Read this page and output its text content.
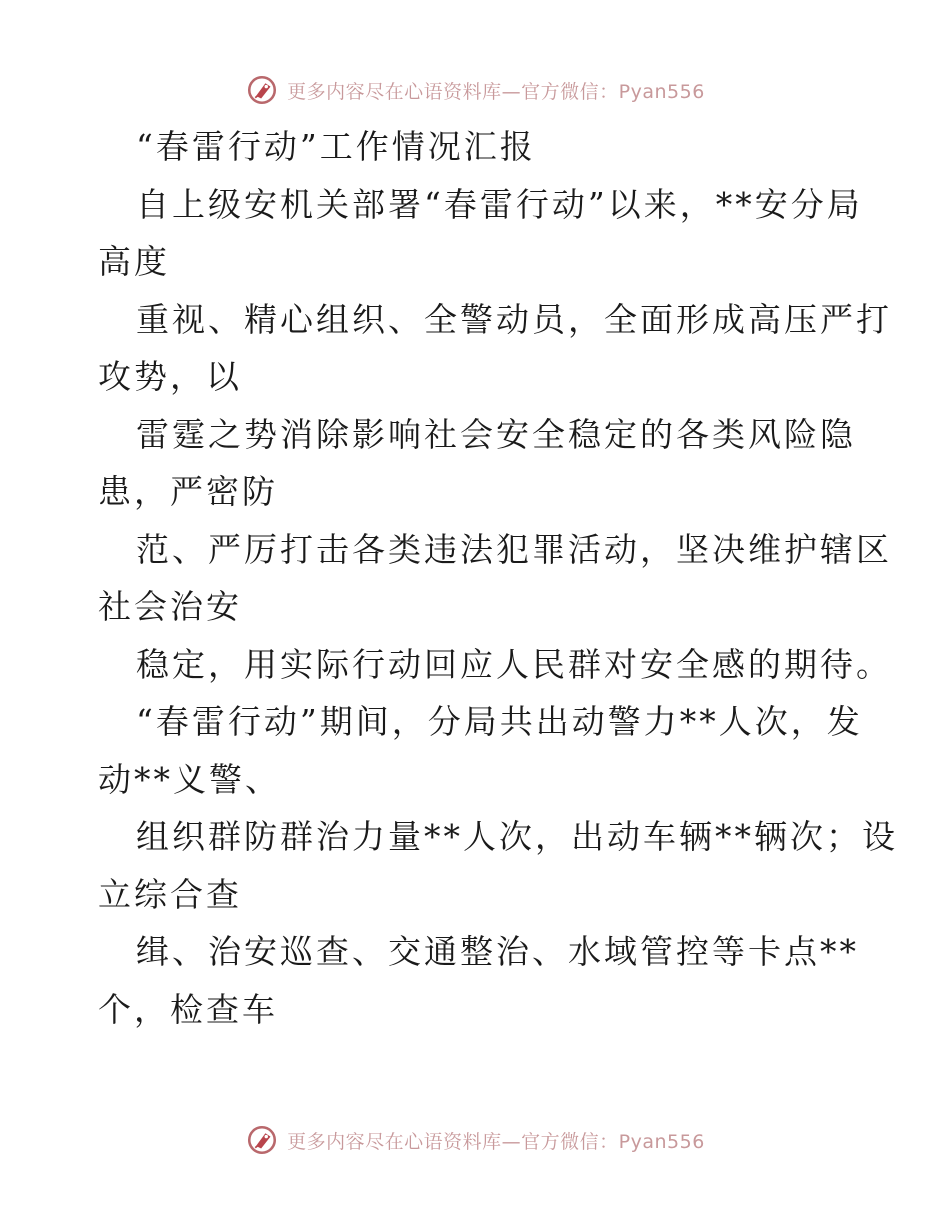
更多内容尽在心语资料库—官方微信：Pyan556
“春雷行动”工作情况汇报
自上级安机关部署“春雷行动”以来，**安分局
高度
重视、精心组织、全警动员，全面形成高压严打
攻势，以
雷霆之势消除影响社会安全稳定的各类风险隐
患，严密防
范、严厉打击各类违法犯罪活动，坚决维护辖区
社会治安
稳定，用实际行动回应人民群对安全感的期待。
“春雷行动”期间，分局共出动警力**人次，发
动**义警、
组织群防群治力量**人次，出动车辆**辆次；设
立综合查
缉、治安巡查、交通整治、水域管控等卡点**
个，检查车
更多内容尽在心语资料库—官方微信：Pyan556
